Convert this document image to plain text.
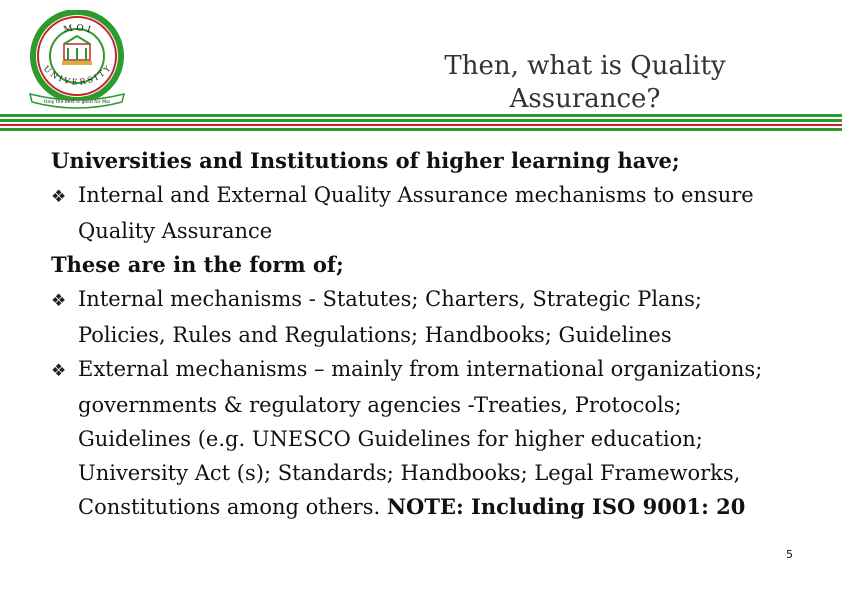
M O I
U N I V E R S I T Y
Only the best is good for Moi
Then, what is Quality
Assurance?
Universities and Institutions of higher learning have;
❖ Internal and External Quality Assurance mechanisms to ensure
Quality Assurance
These are in the form of;
❖ Internal mechanisms - Statutes; Charters, Strategic Plans;
Policies, Rules and Regulations; Handbooks; Guidelines
❖ External mechanisms – mainly from international organizations;
governments & regulatory agencies -Treaties, Protocols;
Guidelines (e.g. UNESCO Guidelines for higher education;
University Act (s); Standards; Handbooks; Legal Frameworks,
Constitutions among others. NOTE: Including ISO 9001: 20
5
